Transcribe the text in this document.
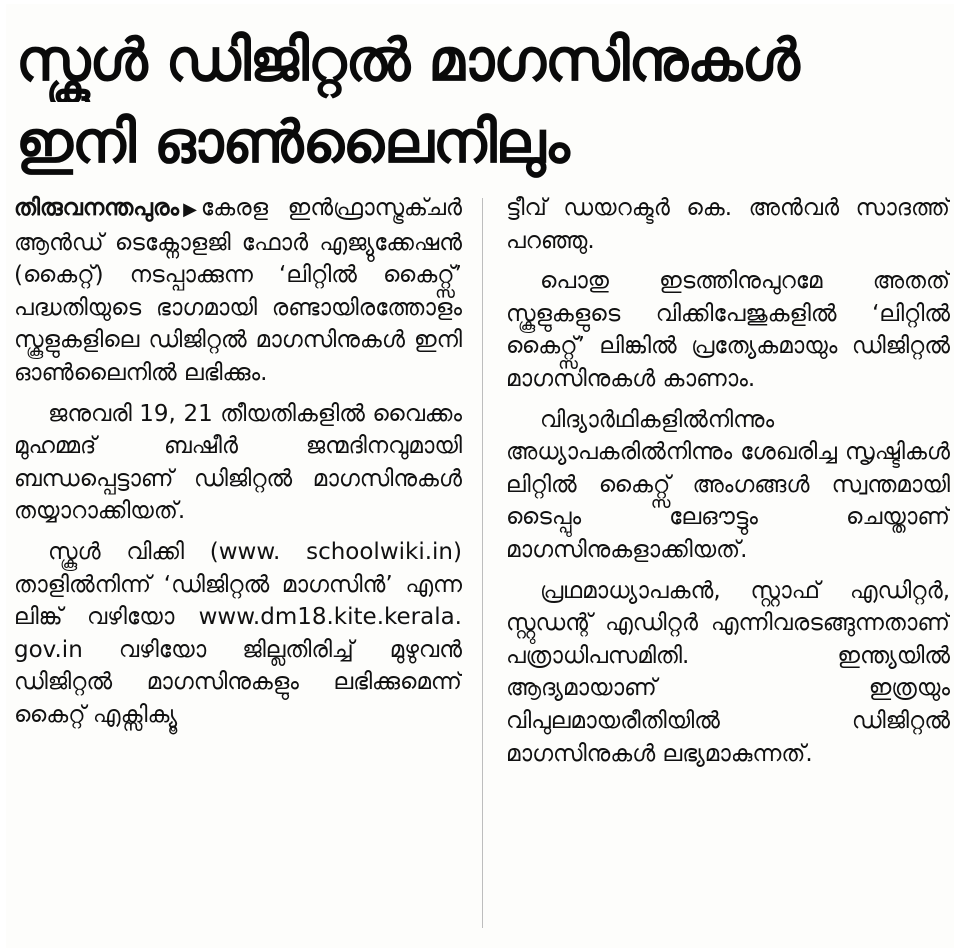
സ്കൂൾ ഡിജിറ്റൽ മാഗസിനുകൾ
ഇനി ഓൺലൈനിലും

തിരുവനന്തപുരം ▶ കേരള ഇൻഫ്രാസ്ട്രക്ചർ ആൻഡ് ടെക്നോളജി ഫോർ എജ്യുക്കേഷൻ (കൈറ്റ്) നടപ്പാക്കുന്ന ‘ലിറ്റിൽ കൈറ്റ്സ്’ പദ്ധതിയുടെ ഭാഗമായി രണ്ടായിരത്തോളം സ്കൂളുകളിലെ ഡിജിറ്റൽ മാഗസിനുകൾ ഇനി ഓൺലൈനിൽ ലഭിക്കും.

ജനുവരി 19, 21 തീയതികളിൽ വൈക്കം മുഹമ്മദ് ബഷീർ ജന്മദിനവുമായി ബന്ധപ്പെട്ടാണ് ഡിജിറ്റൽ മാഗസിനുകൾ തയ്യാറാക്കിയത്.

സ്കൂൾ വിക്കി (www. schoolwiki.in) താളിൽനിന്ന് ‘ഡിജിറ്റൽ മാഗസിൻ’ എന്ന ലിങ്ക് വഴിയോ www.dm18.kite.kerala. gov.in വഴിയോ ജില്ലതിരിച്ച് മുഴുവൻ ഡിജിറ്റൽ മാഗസിനുകളും ലഭിക്കുമെന്ന് കൈറ്റ് എക്സിക്യൂ

ട്ടീവ് ഡയറക്ടർ കെ. അൻവർ സാദത്ത് പറഞ്ഞു.

പൊതു ഇടത്തിനുപുറമേ അതത് സ്കൂളുകളുടെ വിക്കിപേജുകളിൽ ‘ലിറ്റിൽ കൈറ്റ്സ്’ ലിങ്കിൽ പ്രത്യേകമായും ഡിജിറ്റൽ മാഗസിനുകൾ കാണാം.

വിദ്യാർഥികളിൽനിന്നും അധ്യാപകരിൽനിന്നും ശേഖരിച്ച സൃഷ്ടികൾ ലിറ്റിൽ കൈറ്റ്സ് അംഗങ്ങൾ സ്വന്തമായി ടൈപ്പും ലേഔട്ടും ചെയ്താണ് മാഗസിനുകളാക്കിയത്.

പ്രഥമാധ്യാപകൻ, സ്റ്റാഫ് എഡിറ്റർ, സ്റ്റുഡന്റ് എഡിറ്റർ എന്നിവരടങ്ങുന്നതാണ് പത്രാധിപസമിതി. ഇന്ത്യയിൽ ആദ്യമായാണ് ഇത്രയും വിപുലമായരീതിയിൽ ഡിജിറ്റൽ മാഗസിനുകൾ ലഭ്യമാകുന്നത്.
